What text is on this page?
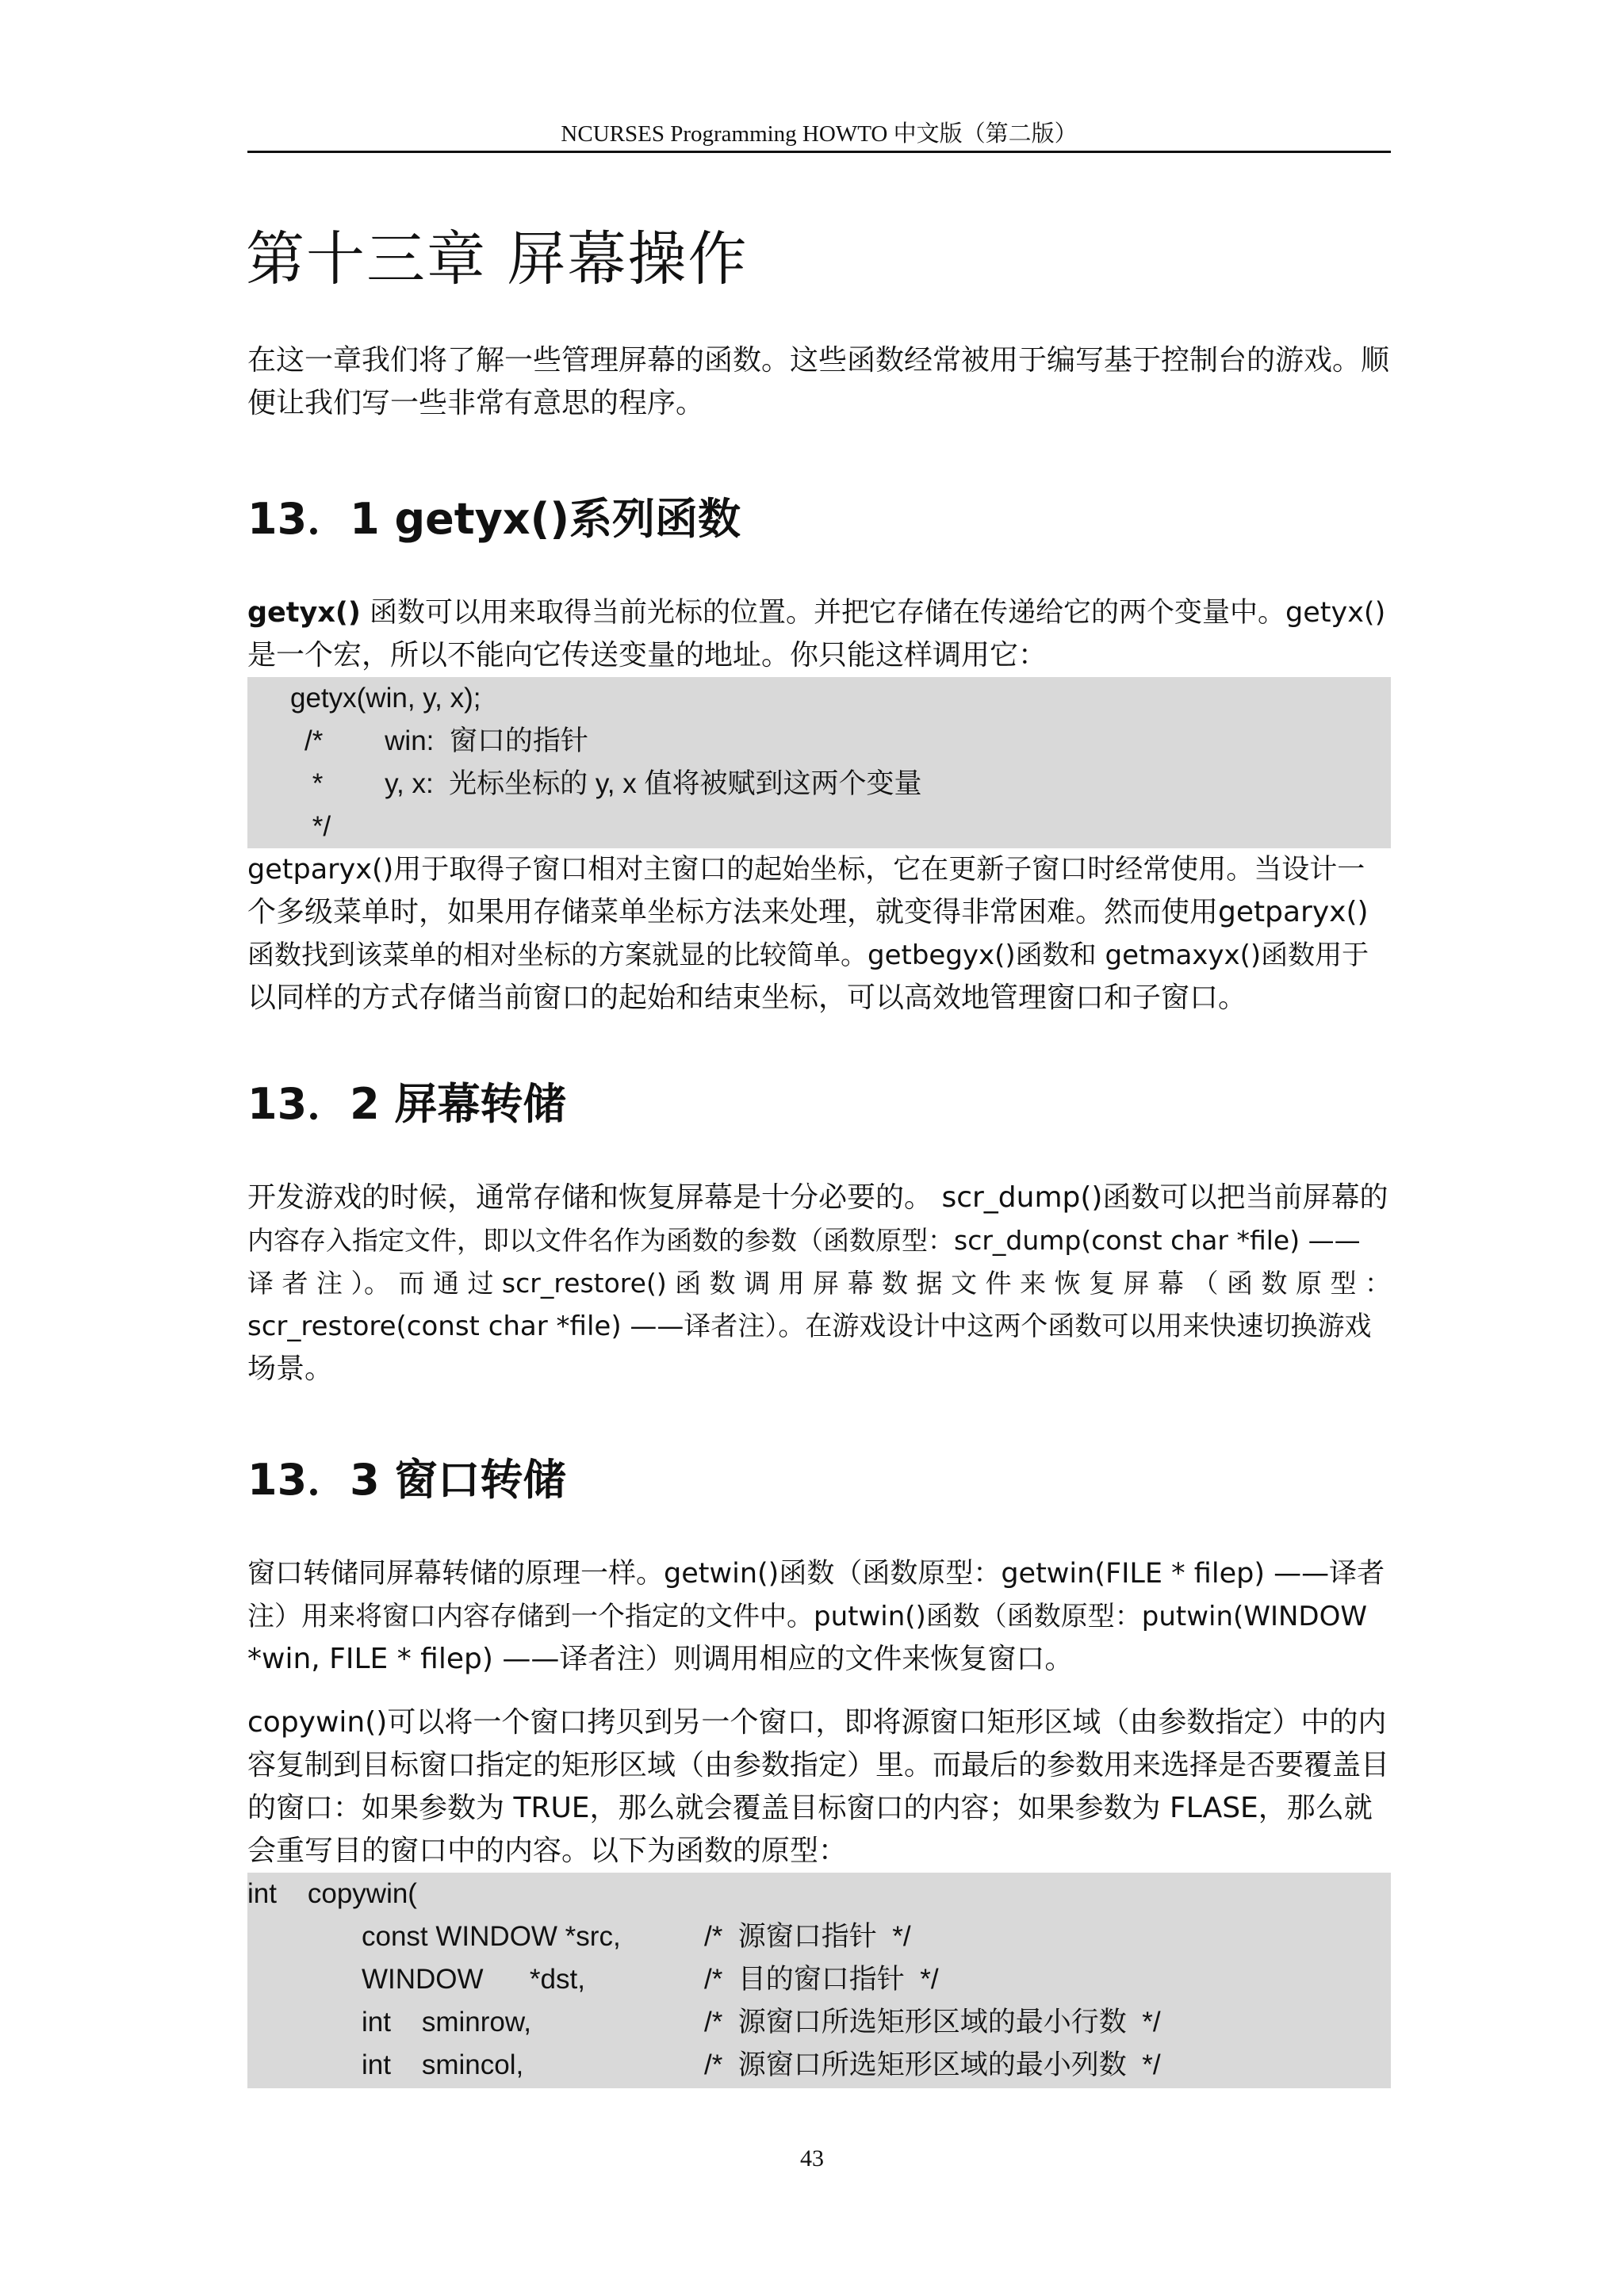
NCURSES Programming HOWTO 中文版（第二版）
第十三章 屏幕操作
在这一章我们将了解一些管理屏幕的函数。这些函数经常被用于编写基于控制台的游戏。顺
便让我们写一些非常有意思的程序。
13．1 getyx()系列函数
getyx() 函数可以用来取得当前光标的位置。并把它存储在传递给它的两个变量中。getyx()
是一个宏，所以不能向它传送变量的地址。你只能这样调用它：
getyx(win, y, x);
/*        win:  窗口的指针
*        y, x:  光标坐标的 y, x 值将被赋到这两个变量
*/
getparyx()用于取得子窗口相对主窗口的起始坐标，它在更新子窗口时经常使用。当设计一
个多级菜单时，如果用存储菜单坐标方法来处理，就变得非常困难。然而使用getparyx()
函数找到该菜单的相对坐标的方案就显的比较简单。getbegyx()函数和 getmaxyx()函数用于
以同样的方式存储当前窗口的起始和结束坐标，可以高效地管理窗口和子窗口。
13．2 屏幕转储
开发游戏的时候，通常存储和恢复屏幕是十分必要的。 scr_dump()函数可以把当前屏幕的
内容存入指定文件，即以文件名作为函数的参数（函数原型：scr_dump(const char *file) ——
译 者 注 ）。 而 通 过 scr_restore() 函 数 调 用 屏 幕 数 据 文 件 来 恢 复 屏 幕 （ 函 数 原 型 ：
scr_restore(const char *file) ——译者注）。在游戏设计中这两个函数可以用来快速切换游戏
场景。
13．3 窗口转储
窗口转储同屏幕转储的原理一样。getwin()函数（函数原型：getwin(FILE * filep) ——译者
注）用来将窗口内容存储到一个指定的文件中。putwin()函数（函数原型：putwin(WINDOW
*win, FILE * filep) ——译者注）则调用相应的文件来恢复窗口。
copywin()可以将一个窗口拷贝到另一个窗口，即将源窗口矩形区域（由参数指定）中的内
容复制到目标窗口指定的矩形区域（由参数指定）里。而最后的参数用来选择是否要覆盖目
的窗口：如果参数为 TRUE，那么就会覆盖目标窗口的内容；如果参数为 FLASE，那么就
会重写目的窗口中的内容。以下为函数的原型：
int    copywin(
const WINDOW *src,	/*  源窗口指针  */
WINDOW      *dst,	/*  目的窗口指针  */
int    sminrow,	/*  源窗口所选矩形区域的最小行数  */
int    smincol,	/*  源窗口所选矩形区域的最小列数  */
43
